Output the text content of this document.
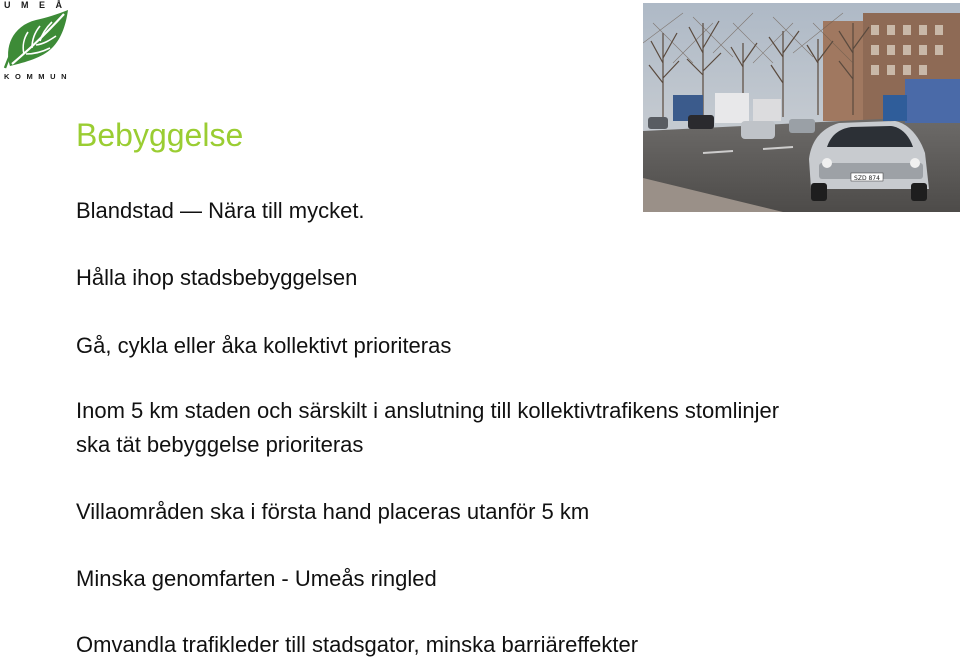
UMEÅ
KOMMUN
SZD 874
Bebyggelse
Blandstad — Nära till mycket.
Hålla ihop stadsbebyggelsen
Gå, cykla eller åka kollektivt prioriteras
Inom 5 km staden och särskilt i anslutning till kollektivtrafikens stomlinjer
ska tät bebyggelse prioriteras
Villaområden ska i första hand placeras utanför 5 km
Minska genomfarten - Umeås ringled
Omvandla trafikleder till stadsgator, minska barriäreffekter
